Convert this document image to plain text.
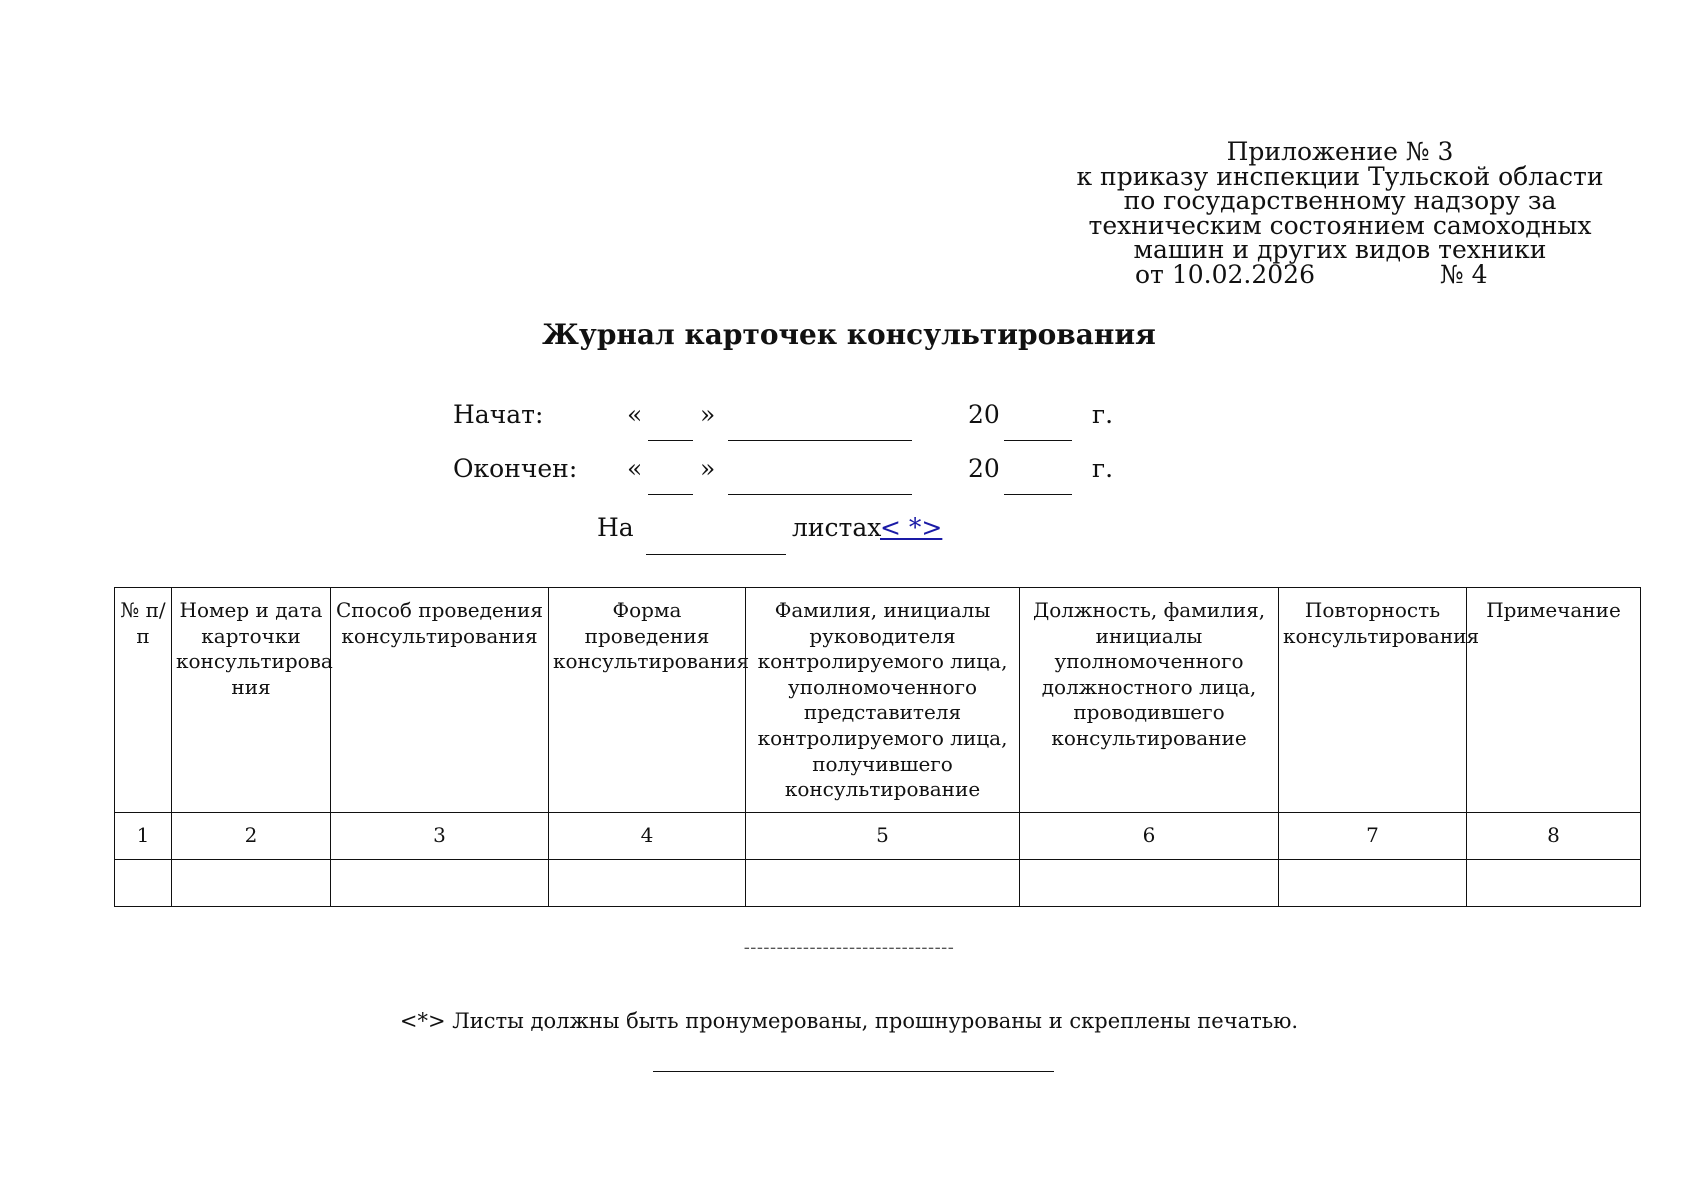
Приложение № 3
к приказу инспекции Тульской области
по государственному надзору за
техническим состоянием самоходных
машин и других видов техники
от 10.02.2026	№ 4
Журнал карточек консультирования
Начат:	« »	20	г.
Окончен: « »	20	г.
На	листах
< *>
№ п/п	Номер и дата карточки консультирова ния	Способ проведения консультирования	Форма проведения консультирования	Фамилия, инициалы руководителя контролируемого лица, уполномоченного представителя контролируемого лица, получившего консультирование	Должность, фамилия, инициалы уполномоченного должностного лица, проводившего консультирование	Повторность консультирования	Примечание
1	2	3	4	5	6	7	8

--------------------------------
<*> Листы должны быть пронумерованы, прошнурованы и скреплены печатью.
